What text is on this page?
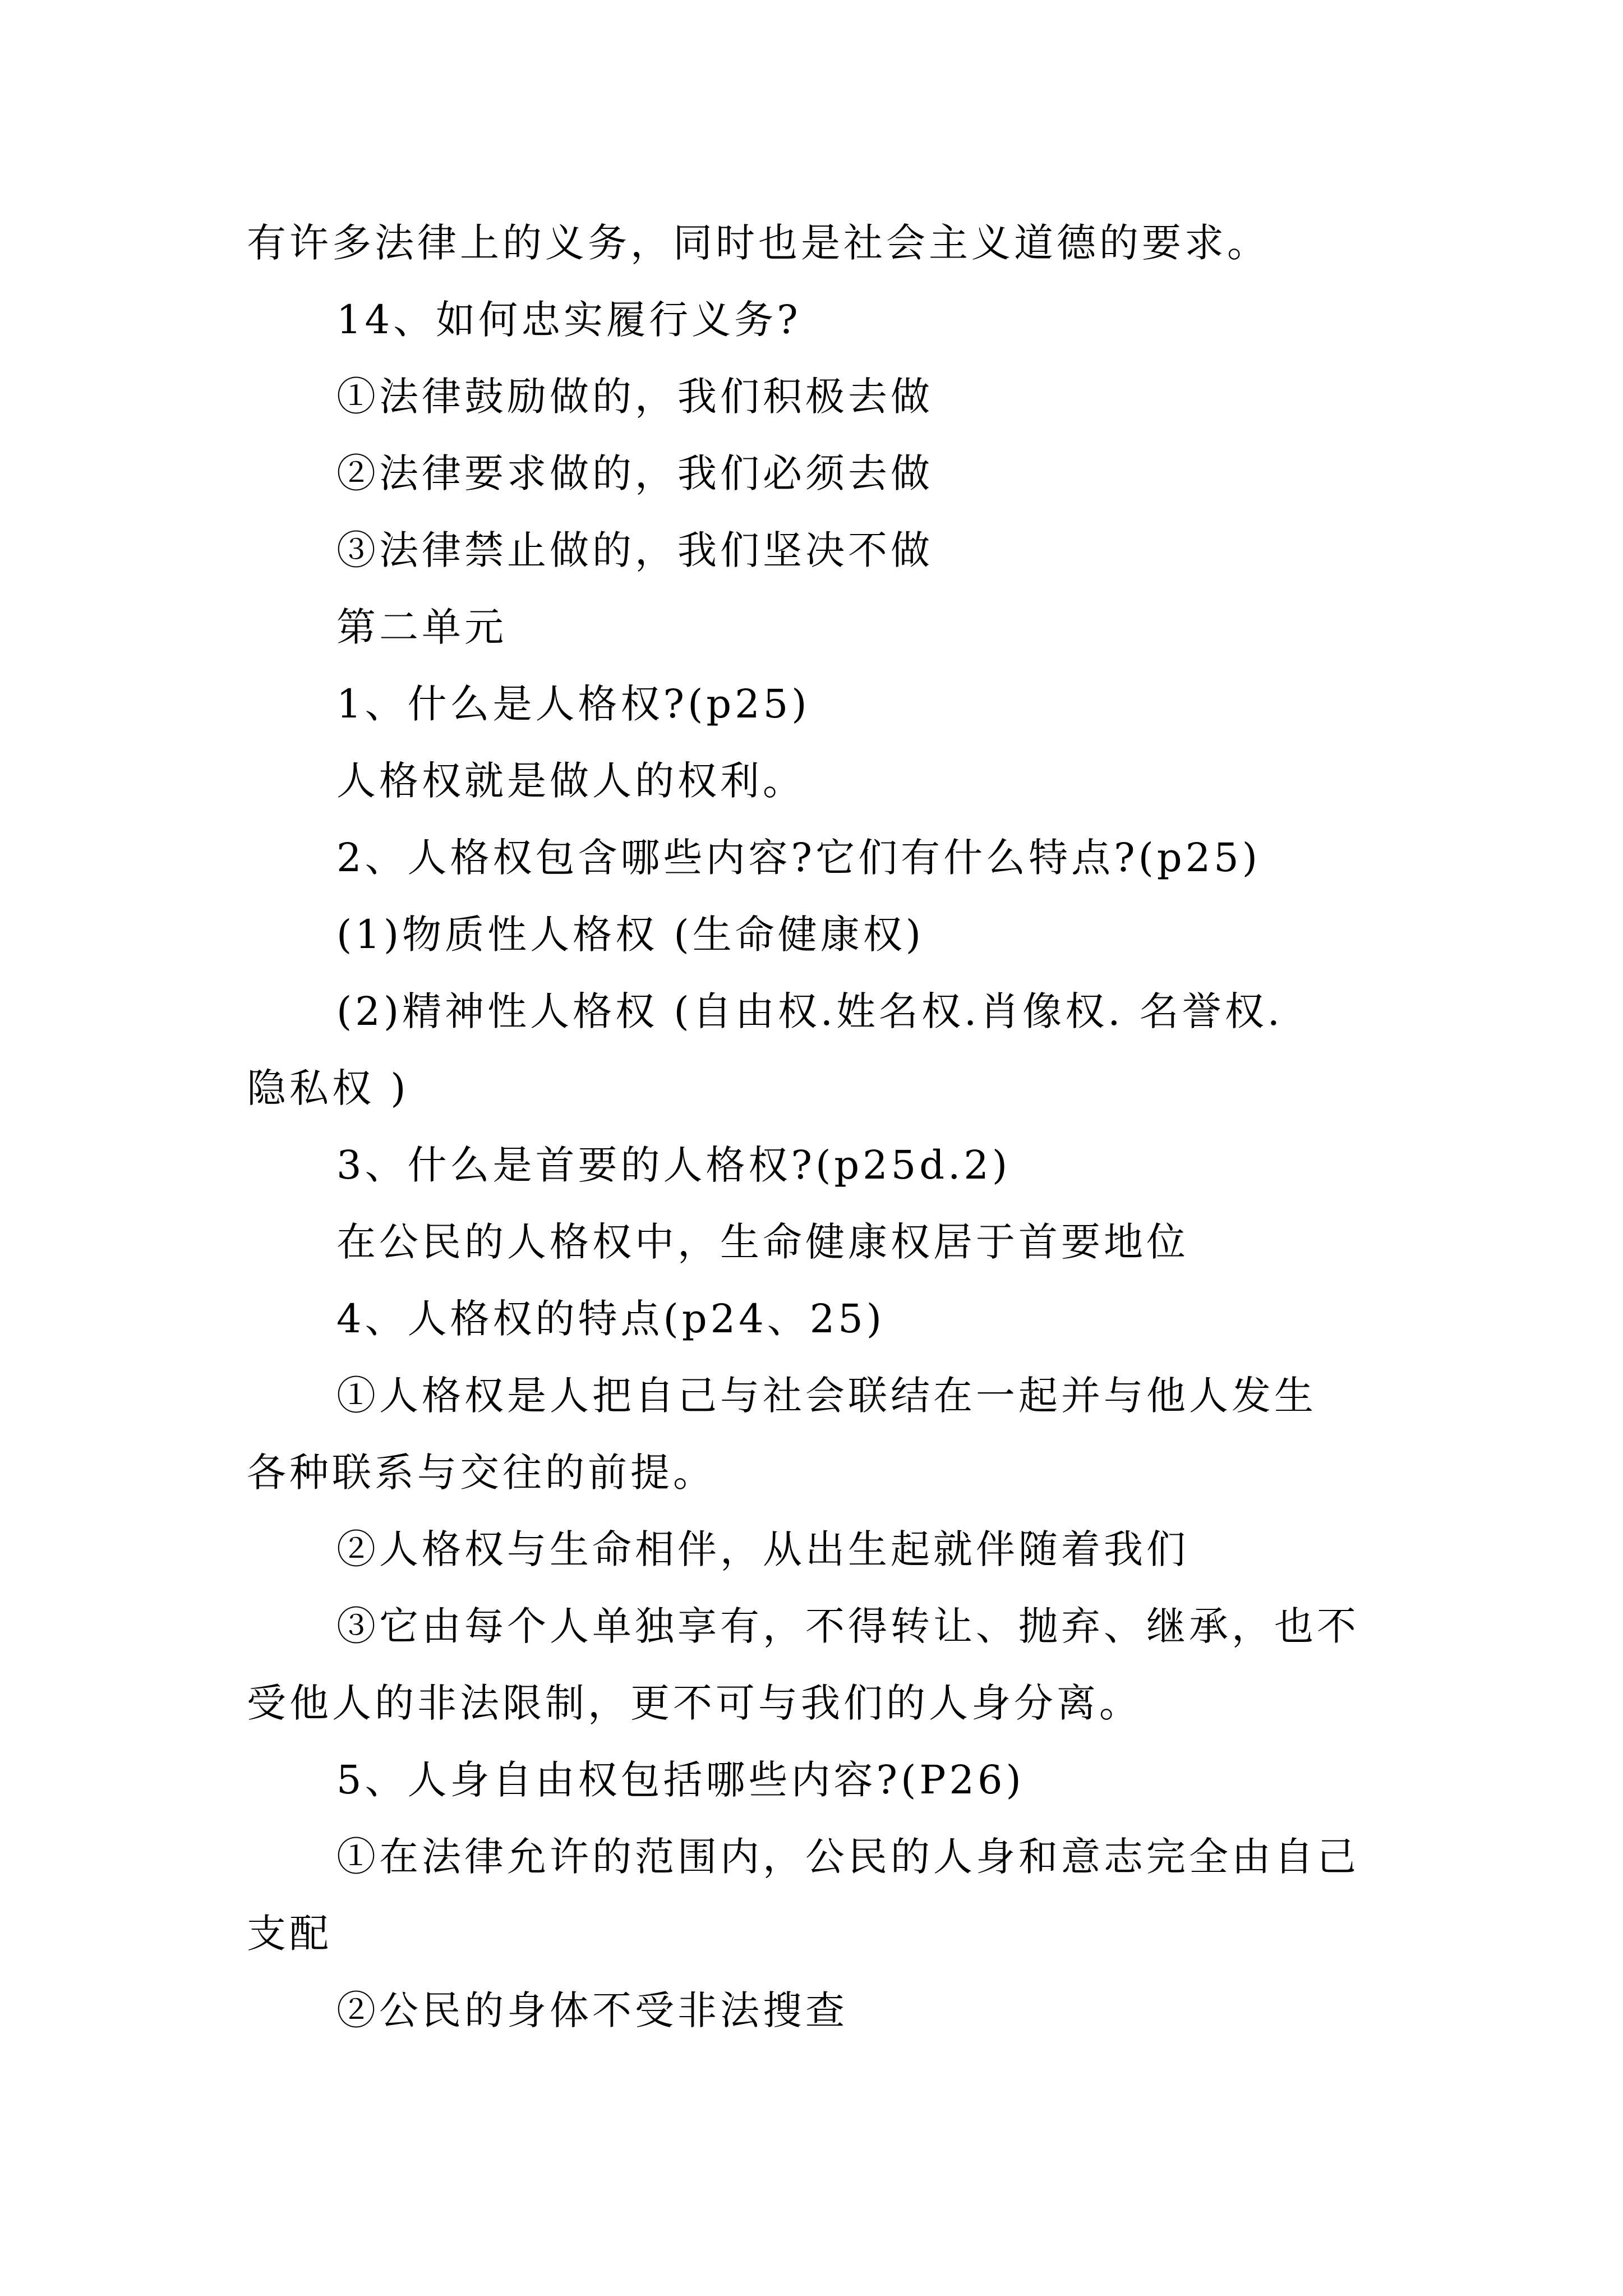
有许多法律上的义务，同时也是社会主义道德的要求。

14、如何忠实履行义务?

①法律鼓励做的，我们积极去做

②法律要求做的，我们必须去做

③法律禁止做的，我们坚决不做

第二单元

1、什么是人格权?(p25)

人格权就是做人的权利。

2、人格权包含哪些内容?它们有什么特点?(p25)

(1)物质性人格权 (生命健康权)

(2)精神性人格权 (自由权.姓名权.肖像权. 名誉权.

隐私权 )

3、什么是首要的人格权?(p25d.2)

在公民的人格权中，生命健康权居于首要地位

4、人格权的特点(p24、25)

①人格权是人把自己与社会联结在一起并与他人发生

各种联系与交往的前提。

②人格权与生命相伴，从出生起就伴随着我们

③它由每个人单独享有，不得转让、抛弃、继承，也不

受他人的非法限制，更不可与我们的人身分离。

5、人身自由权包括哪些内容?(P26)

①在法律允许的范围内，公民的人身和意志完全由自己

支配

②公民的身体不受非法搜查
